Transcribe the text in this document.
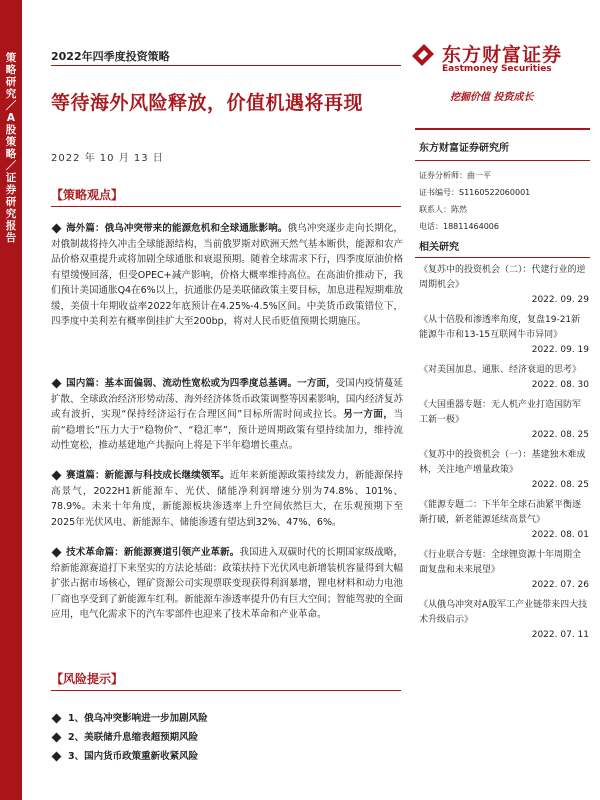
策略研究／A股策略／证券研究报告
2022年四季度投资策略
等待海外风险释放，价值机遇将再现
2022 年 10 月 13 日
东方财富证券
Eastmoney Securities
挖掘价值 投资成长
【策略观点】
海外篇：俄乌冲突带来的能源危机和全球通胀影响。俄乌冲突逐步走向长期化，对俄制裁将持久冲击全球能源结构，当前俄罗斯对欧洲天然气基本断供，能源和农产品价格双重提升或将加剧全球通胀和衰退预期。随着全球需求下行，四季度原油价格有望缓慢回落，但受OPEC+减产影响，价格大概率维持高位。在高油价推动下，我们预计美国通胀Q4在6%以上，抗通胀仍是美联储政策主要目标，加息进程短期难放缓，美债十年期收益率2022年底预计在4.25%-4.5%区间。中美货币政策错位下，四季度中美利差有概率倒挂扩大至200bp，将对人民币贬值预期长期施压。
国内篇：基本面偏弱、流动性宽松或为四季度总基调。一方面，受国内疫情蔓延扩散、全球政治经济形势动荡、海外经济体货币政策调整等因素影响，国内经济复苏或有波折，实现“保持经济运行在合理区间”目标所需时间或拉长。另一方面，当前“稳增长”压力大于“稳物价”、“稳汇率”，预计逆周期政策有望持续加力，维持流动性宽松，推动基建地产共振向上将是下半年稳增长重点。
赛道篇：新能源与科技成长继续领军。近年来新能源政策持续发力，新能源保持高景气，2022H1新能源车、光伏、储能净利润增速分别为74.8%、101%、78.9%。未来十年角度，新能源板块渗透率上升空间依然巨大，在乐观预期下至2025年光伏风电、新能源车、储能渗透有望达到32%、47%、6%。
技术革命篇：新能源赛道引领产业革新。我国进入双碳时代的长期国家级战略，给新能源赛道打下来坚实的方法论基础：政策扶持下光伏风电新增装机容量得到大幅扩张占据市场核心，锂矿资源公司实现票联变现获得利润暴增，锂电材料和动力电池厂商也享受到了新能源车红利。新能源车渗透率提升仍有巨大空间；智能驾驶的全面应用，电气化需求下的汽车零部件也迎来了技术革命和产业革命。
【风险提示】
1、俄乌冲突影响进一步加剧风险
2、美联储升息缩表超预期风险
3、国内货币政策重新收紧风险
东方财富证券研究所
证券分析师：曲一平
证书编号：S1160522060001
联系人：陈然
电话：18811464006
相关研究
《复苏中的投资机会（二）：代建行业的逆周期机会》
2022. 09. 29
《从十倍股和渗透率角度，复盘19-21新能源牛市和13-15互联网牛市异同》
2022. 09. 19
《对美国加息、通胀、经济衰退的思考》
2022. 08. 30
《大国重器专题：无人机产业打造国防军工新一极》
2022. 08. 25
《复苏中的投资机会（一）：基建独木难成林，关注地产增量政策》
2022. 08. 25
《能源专题二：下半年全球石油紧平衡逐渐打破，新老能源延续高景气》
2022. 08. 01
《行业联合专题：全球锂资源十年周期全面复盘和未来展望》
2022. 07. 26
《从俄乌冲突对A股军工产业链带来四大技术升级启示》
2022. 07. 11
